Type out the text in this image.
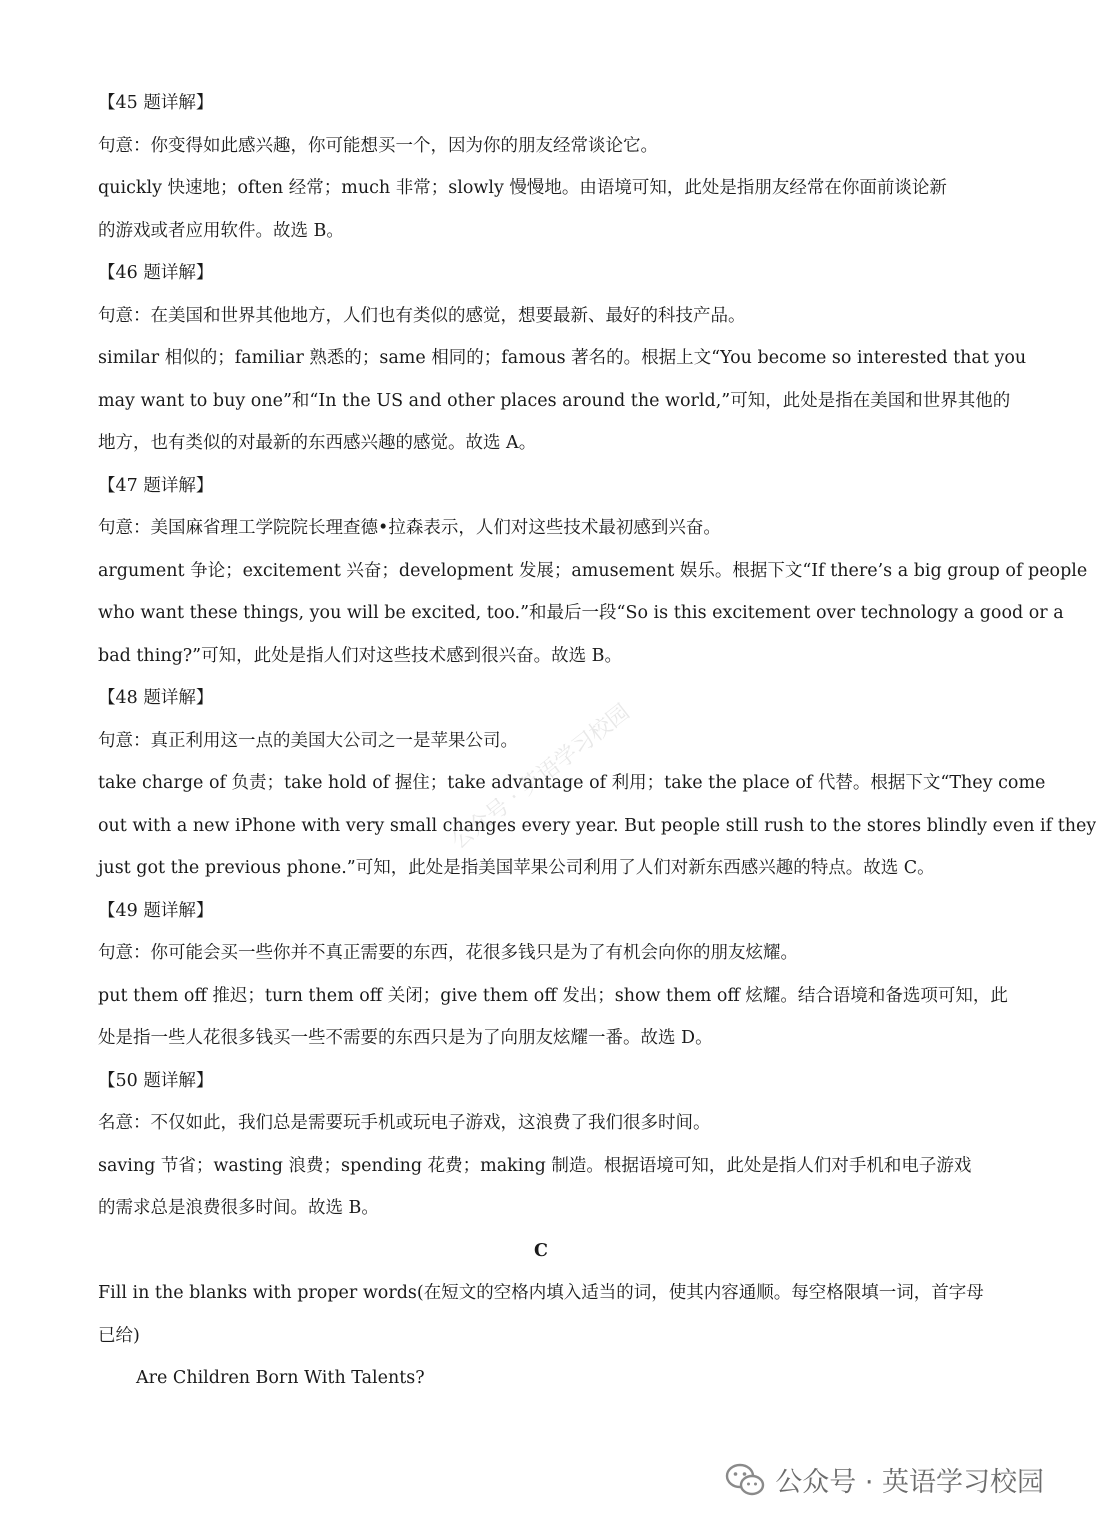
【45 题详解】
句意：你变得如此感兴趣，你可能想买一个，因为你的朋友经常谈论它。
quickly 快速地；often 经常；much 非常；slowly 慢慢地。由语境可知，此处是指朋友经常在你面前谈论新
的游戏或者应用软件。故选 B。
【46 题详解】
句意：在美国和世界其他地方，人们也有类似的感觉，想要最新、最好的科技产品。
similar 相似的；familiar 熟悉的；same 相同的；famous 著名的。根据上文“You become so interested that you
may want to buy one”和“In the US and other places around the world,”可知，此处是指在美国和世界其他的
地方，也有类似的对最新的东西感兴趣的感觉。故选 A。
【47 题详解】
句意：美国麻省理工学院院长理查德•拉森表示，人们对这些技术最初感到兴奋。
argument 争论；excitement 兴奋；development 发展；amusement 娱乐。根据下文“If there’s a big group of people
who want these things, you will be excited, too.”和最后一段“So is this excitement over technology a good or a
bad thing?”可知，此处是指人们对这些技术感到很兴奋。故选 B。
【48 题详解】
句意：真正利用这一点的美国大公司之一是苹果公司。
take charge of 负责；take hold of 握住；take advantage of 利用；take the place of 代替。根据下文“They come
out with a new iPhone with very small changes every year. But people still rush to the stores blindly even if they
just got the previous phone.”可知，此处是指美国苹果公司利用了人们对新东西感兴趣的特点。故选 C。
【49 题详解】
句意：你可能会买一些你并不真正需要的东西，花很多钱只是为了有机会向你的朋友炫耀。
put them off 推迟；turn them off 关闭；give them off 发出；show them off 炫耀。结合语境和备选项可知，此
处是指一些人花很多钱买一些不需要的东西只是为了向朋友炫耀一番。故选 D。
【50 题详解】
名意：不仅如此，我们总是需要玩手机或玩电子游戏，这浪费了我们很多时间。
saving 节省；wasting 浪费；spending 花费；making 制造。根据语境可知，此处是指人们对手机和电子游戏
的需求总是浪费很多时间。故选 B。
C
Fill in the blanks with proper words(在短文的空格内填入适当的词，使其内容通顺。每空格限填一词，首字母
已给)
Are Children Born With Talents?
公众号 · 英语学习校园
公众号 · 英语学习校园
